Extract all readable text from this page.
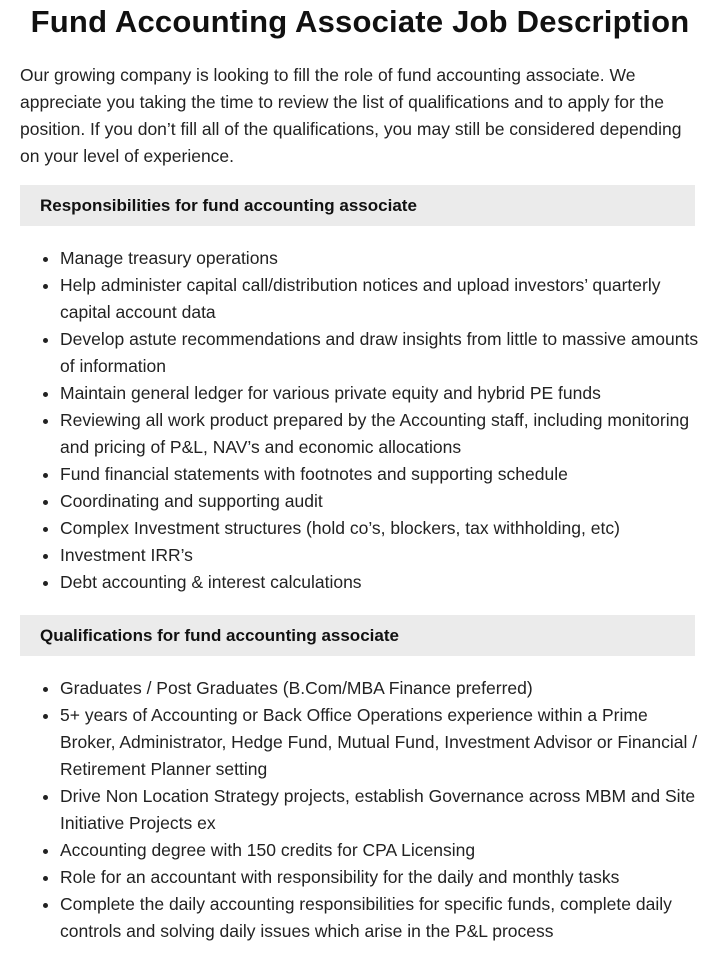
Fund Accounting Associate Job Description

Our growing company is looking to fill the role of fund accounting associate. We appreciate you taking the time to review the list of qualifications and to apply for the position. If you don’t fill all of the qualifications, you may still be considered depending on your level of experience.

Responsibilities for fund accounting associate
• Manage treasury operations
• Help administer capital call/distribution notices and upload investors’ quarterly capital account data
• Develop astute recommendations and draw insights from little to massive amounts of information
• Maintain general ledger for various private equity and hybrid PE funds
• Reviewing all work product prepared by the Accounting staff, including monitoring and pricing of P&L, NAV’s and economic allocations
• Fund financial statements with footnotes and supporting schedule
• Coordinating and supporting audit
• Complex Investment structures (hold co’s, blockers, tax withholding, etc)
• Investment IRR’s
• Debt accounting & interest calculations
Qualifications for fund accounting associate
• Graduates / Post Graduates (B.Com/MBA Finance preferred)
• 5+ years of Accounting or Back Office Operations experience within a Prime Broker, Administrator, Hedge Fund, Mutual Fund, Investment Advisor or Financial / Retirement Planner setting
• Drive Non Location Strategy projects, establish Governance across MBM and Site Initiative Projects ex
• Accounting degree with 150 credits for CPA Licensing
• Role for an accountant with responsibility for the daily and monthly tasks
• Complete the daily accounting responsibilities for specific funds, complete daily controls and solving daily issues which arise in the P&L process
